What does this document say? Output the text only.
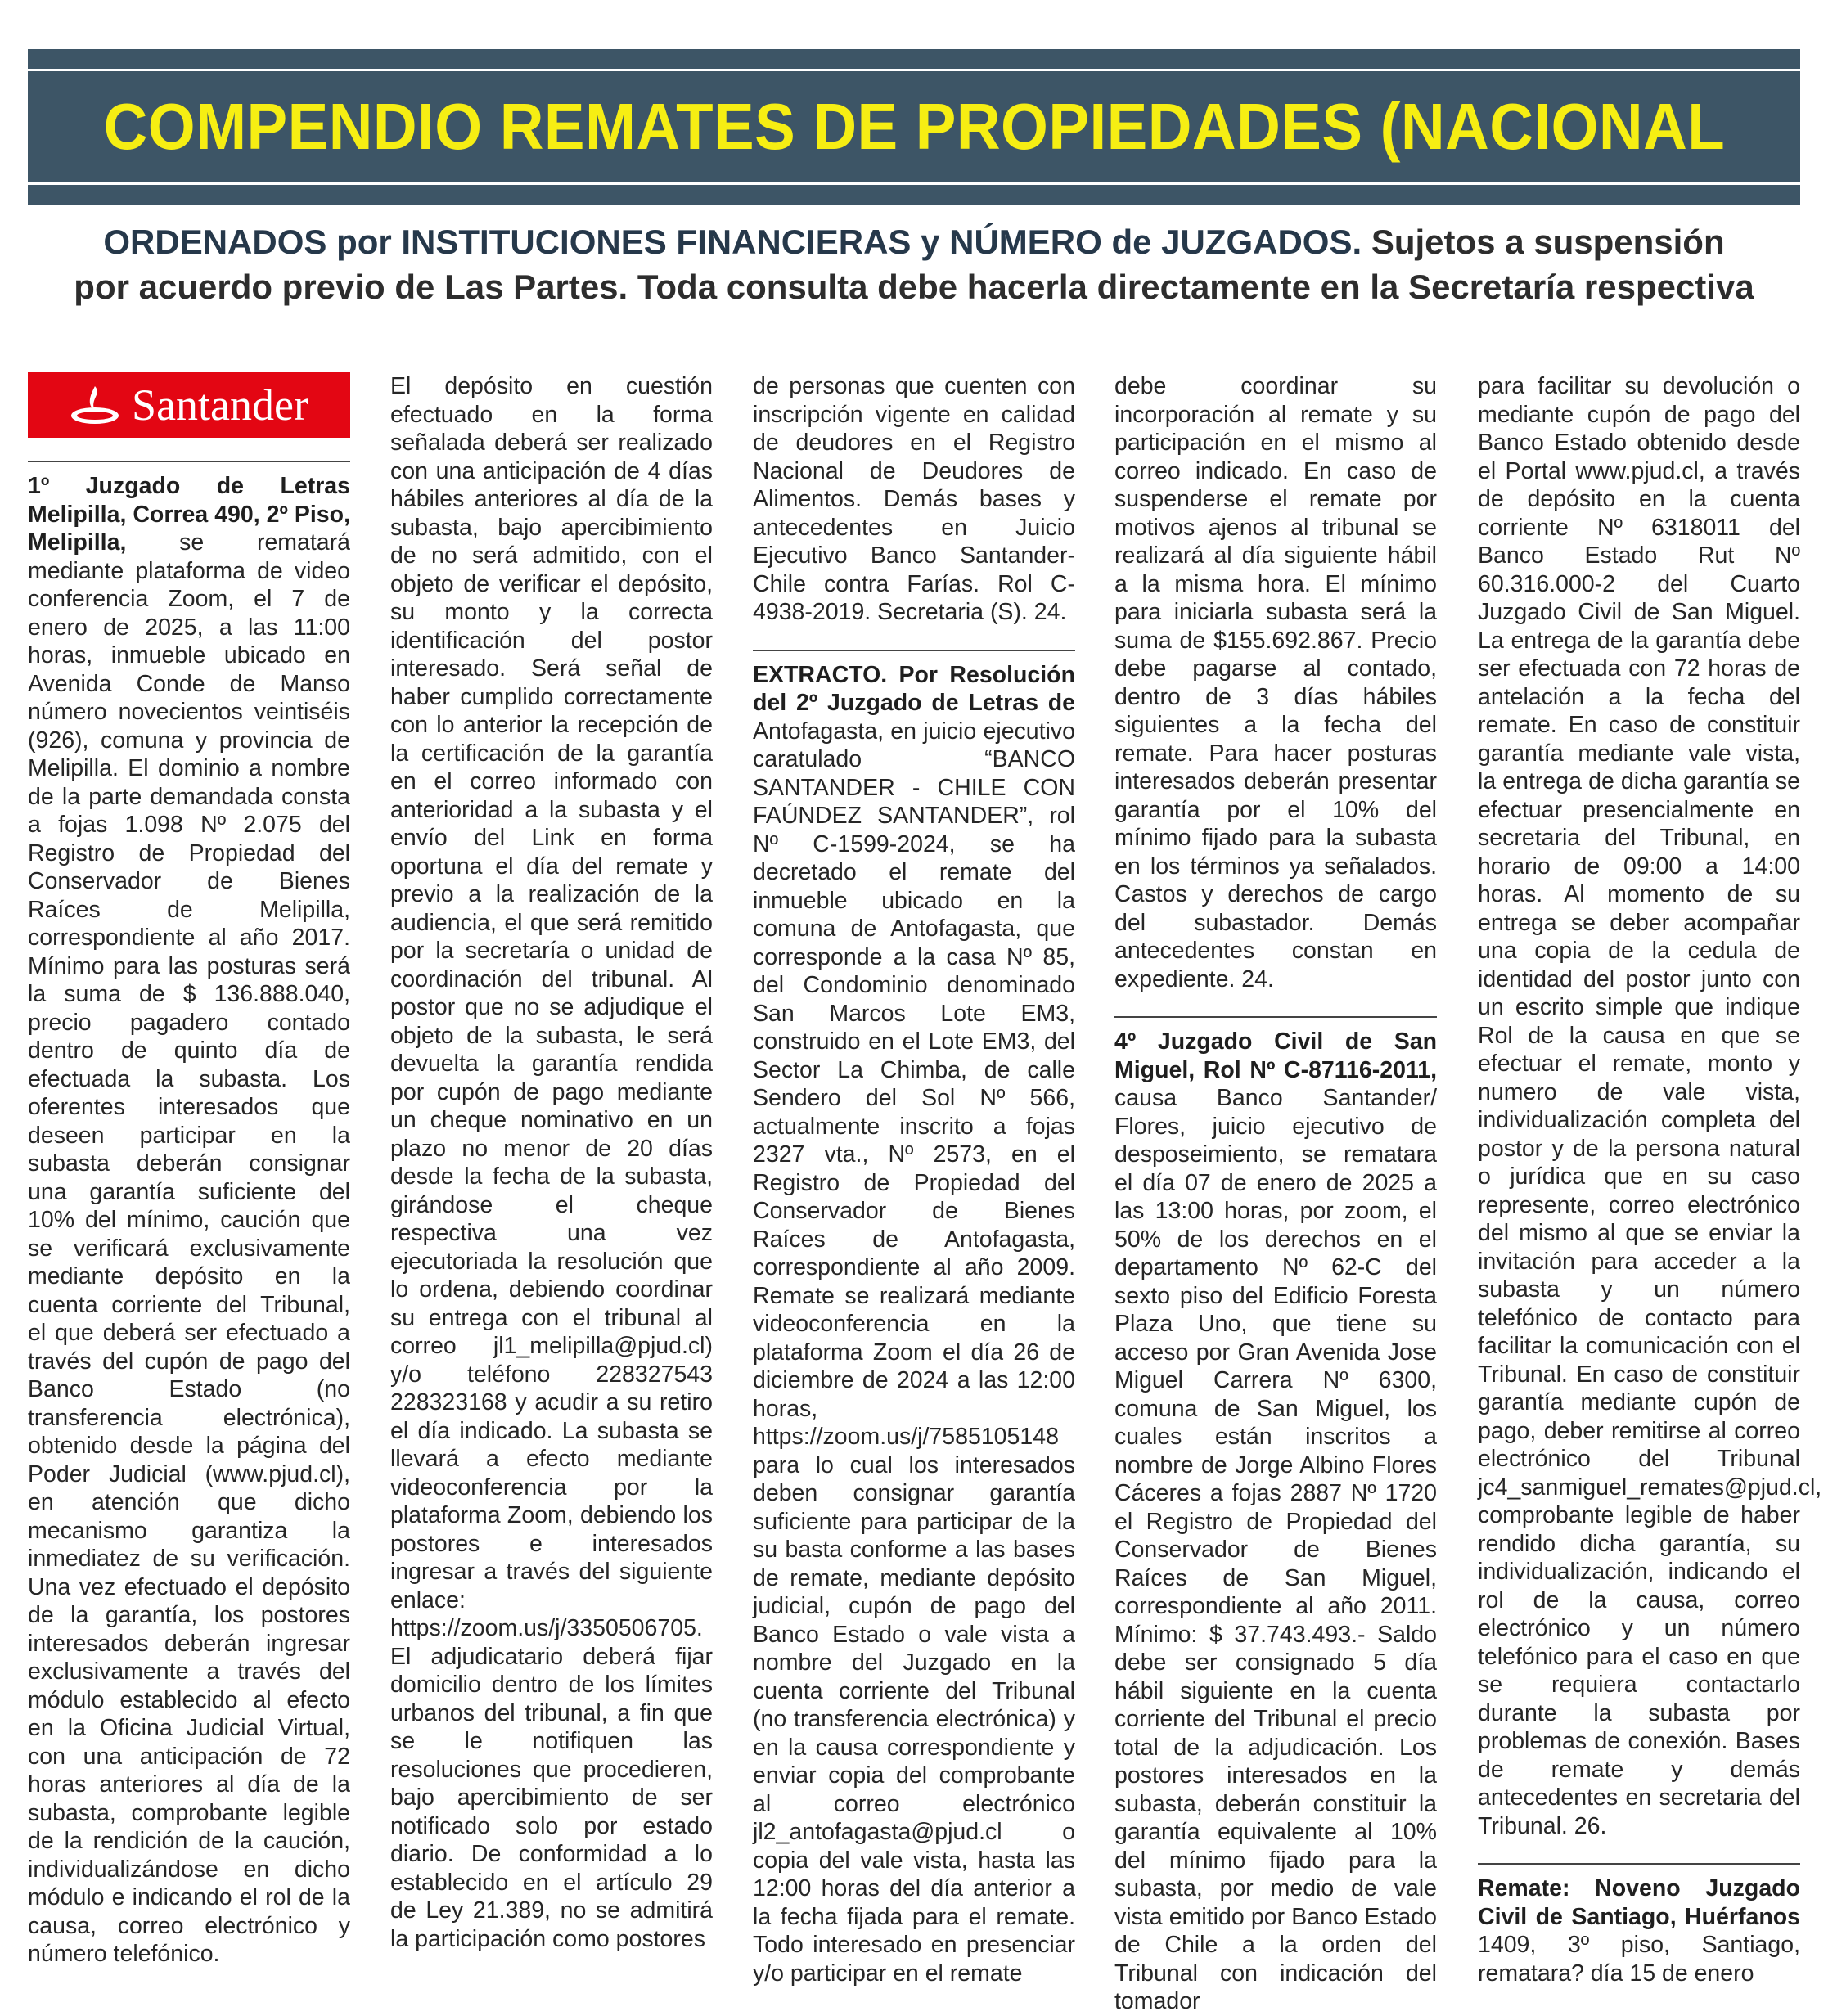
COMPENDIO REMATES DE PROPIEDADES (NACIONAL
ORDENADOS por INSTITUCIONES FINANCIERAS y NÚMERO de JUZGADOS. Sujetos a suspensión
por acuerdo previo de Las Partes. Toda consulta debe hacerla directamente en la Secretaría respectiva
Santander

1º Juzgado de Letras Melipilla, Correa 490, 2º Piso, Melipilla, se rematará mediante plataforma de video conferencia Zoom, el 7 de enero de 2025, a las 11:00 horas, inmueble ubicado en Avenida Conde de Manso número novecientos veintiséis (926), comuna y provincia de Melipilla. El dominio a nombre de la parte demandada consta a fojas 1.098 Nº 2.075 del Registro de Propiedad del Conservador de Bienes Raíces de Melipilla, correspondiente al año 2017. Mínimo para las posturas será la suma de $ 136.888.040, precio pagadero contado dentro de quinto día de efectuada la subasta. Los oferentes interesados que deseen participar en la subasta deberán consignar una garantía suficiente del 10% del mínimo, caución que se verificará exclusivamente mediante depósito en la cuenta corriente del Tribunal, el que deberá ser efectuado a través del cupón de pago del Banco Estado (no transferencia electrónica), obtenido desde la página del Poder Judicial (www.pjud.cl), en atención que dicho mecanismo garantiza la inmediatez de su verificación. Una vez efectuado el depósito de la garantía, los postores interesados deberán ingresar exclusivamente a través del módulo establecido al efecto en la Oficina Judicial Virtual, con una anticipación de 72 horas anteriores al día de la subasta, comprobante legible de la rendición de la caución, individualizándose en dicho módulo e indicando el rol de la causa, correo electrónico y número telefónico.

El depósito en cuestión efectuado en la forma señalada deberá ser realizado con una anticipación de 4 días hábiles anteriores al día de la subasta, bajo apercibimiento de no será admitido, con el objeto de verificar el depósito, su monto y la correcta identificación del postor interesado. Será señal de haber cumplido correctamente con lo anterior la recepción de la certificación de la garantía en el correo informado con anterioridad a la subasta y el envío del Link en forma oportuna el día del remate y previo a la realización de la audiencia, el que será remitido por la secretaría o unidad de coordinación del tribunal. Al postor que no se adjudique el objeto de la subasta, le será devuelta la garantía rendida por cupón de pago mediante un cheque nominativo en un plazo no menor de 20 días desde la fecha de la subasta, girándose el cheque respectiva una vez ejecutoriada la resolución que lo ordena, debiendo coordinar su entrega con el tribunal al correo jl1_melipilla@pjud.cl) y/o teléfono 228327543 228323168 y acudir a su retiro el día indicado. La subasta se llevará a efecto mediante videoconferencia por la plataforma Zoom, debiendo los postores e interesados ingresar a través del siguiente enlace: https://zoom.us/j/3350506705. El adjudicatario deberá fijar domicilio dentro de los límites urbanos del tribunal, a fin que se le notifiquen las resoluciones que procedieren, bajo apercibimiento de ser notificado solo por estado diario. De conformidad a lo establecido en el artículo 29 de Ley 21.389, no se admitirá la participación como postores

de personas que cuenten con inscripción vigente en calidad de deudores en el Registro Nacional de Deudores de Alimentos. Demás bases y antecedentes en Juicio Ejecutivo Banco Santander-Chile contra Farías. Rol C-4938-2019. Secretaria (S). 24.

EXTRACTO. Por Resolución del 2º Juzgado de Letras de Antofagasta, en juicio ejecutivo caratulado “BANCO SANTANDER - CHILE CON FAÚNDEZ SANTANDER”, rol Nº C-1599-2024, se ha decretado el remate del inmueble ubicado en la comuna de Antofagasta, que corresponde a la casa Nº 85, del Condominio denominado San Marcos Lote EM3, construido en el Lote EM3, del Sector La Chimba, de calle Sendero del Sol Nº 566, actualmente inscrito a fojas 2327 vta., Nº 2573, en el Registro de Propiedad del Conservador de Bienes Raíces de Antofagasta, correspondiente al año 2009. Remate se realizará mediante videoconferencia en la plataforma Zoom el día 26 de diciembre de 2024 a las 12:00 horas, https://zoom.us/j/7585105148 para lo cual los interesados deben consignar garantía suficiente para participar de la su basta conforme a las bases de remate, mediante depósito judicial, cupón de pago del Banco Estado o vale vista a nombre del Juzgado en la cuenta corriente del Tribunal (no transferencia electrónica) y en la causa correspondiente y enviar copia del comprobante al correo electrónico jl2_antofagasta@pjud.cl o copia del vale vista, hasta las 12:00 horas del día anterior a la fecha fijada para el remate. Todo interesado en presenciar y/o participar en el remate

debe coordinar su incorporación al remate y su participación en el mismo al correo indicado. En caso de suspenderse el remate por motivos ajenos al tribunal se realizará al día siguiente hábil a la misma hora. El mínimo para iniciarla subasta será la suma de $155.692.867. Precio debe pagarse al contado, dentro de 3 días hábiles siguientes a la fecha del remate. Para hacer posturas interesados deberán presentar garantía por el 10% del mínimo fijado para la subasta en los términos ya señalados. Castos y derechos de cargo del subastador. Demás antecedentes constan en expediente. 24.

4º Juzgado Civil de San Miguel, Rol Nº C-87116-2011, causa Banco Santander/ Flores, juicio ejecutivo de desposeimiento, se rematara el día 07 de enero de 2025 a las 13:00 horas, por zoom, el 50% de los derechos en el departamento Nº 62-C del sexto piso del Edificio Foresta Plaza Uno, que tiene su acceso por Gran Avenida Jose Miguel Carrera Nº 6300, comuna de San Miguel, los cuales están inscritos a nombre de Jorge Albino Flores Cáceres a fojas 2887 Nº 1720 el Registro de Propiedad del Conservador de Bienes Raíces de San Miguel, correspondiente al año 2011. Mínimo: $ 37.743.493.- Saldo debe ser consignado 5 día hábil siguiente en la cuenta corriente del Tribunal el precio total de la adjudicación. Los postores interesados en la subasta, deberán constituir la garantía equivalente al 10% del mínimo fijado para la subasta, por medio de vale vista emitido por Banco Estado de Chile a la orden del Tribunal con indicación del tomador

para facilitar su devolución o mediante cupón de pago del Banco Estado obtenido desde el Portal www.pjud.cl, a través de depósito en la cuenta corriente Nº 6318011 del Banco Estado Rut Nº 60.316.000-2 del Cuarto Juzgado Civil de San Miguel. La entrega de la garantía debe ser efectuada con 72 horas de antelación a la fecha del remate. En caso de constituir garantía mediante vale vista, la entrega de dicha garantía se efectuar presencialmente en secretaria del Tribunal, en horario de 09:00 a 14:00 horas. Al momento de su entrega se deber acompañar una copia de la cedula de identidad del postor junto con un escrito simple que indique Rol de la causa en que se efectuar el remate, monto y numero de vale vista, individualización completa del postor y de la persona natural o jurídica que en su caso represente, correo electrónico del mismo al que se enviar la invitación para acceder a la subasta y un número telefónico de contacto para facilitar la comunicación con el Tribunal. En caso de constituir garantía mediante cupón de pago, deber remitirse al correo electrónico del Tribunal jc4_sanmiguel_remates@pjud.cl, comprobante legible de haber rendido dicha garantía, su individualización, indicando el rol de la causa, correo electrónico y un número telefónico para el caso en que se requiera contactarlo durante la subasta por problemas de conexión. Bases de remate y demás antecedentes en secretaria del Tribunal. 26.

Remate: Noveno Juzgado Civil de Santiago, Huérfanos 1409, 3º piso, Santiago, rematara? día 15 de enero
